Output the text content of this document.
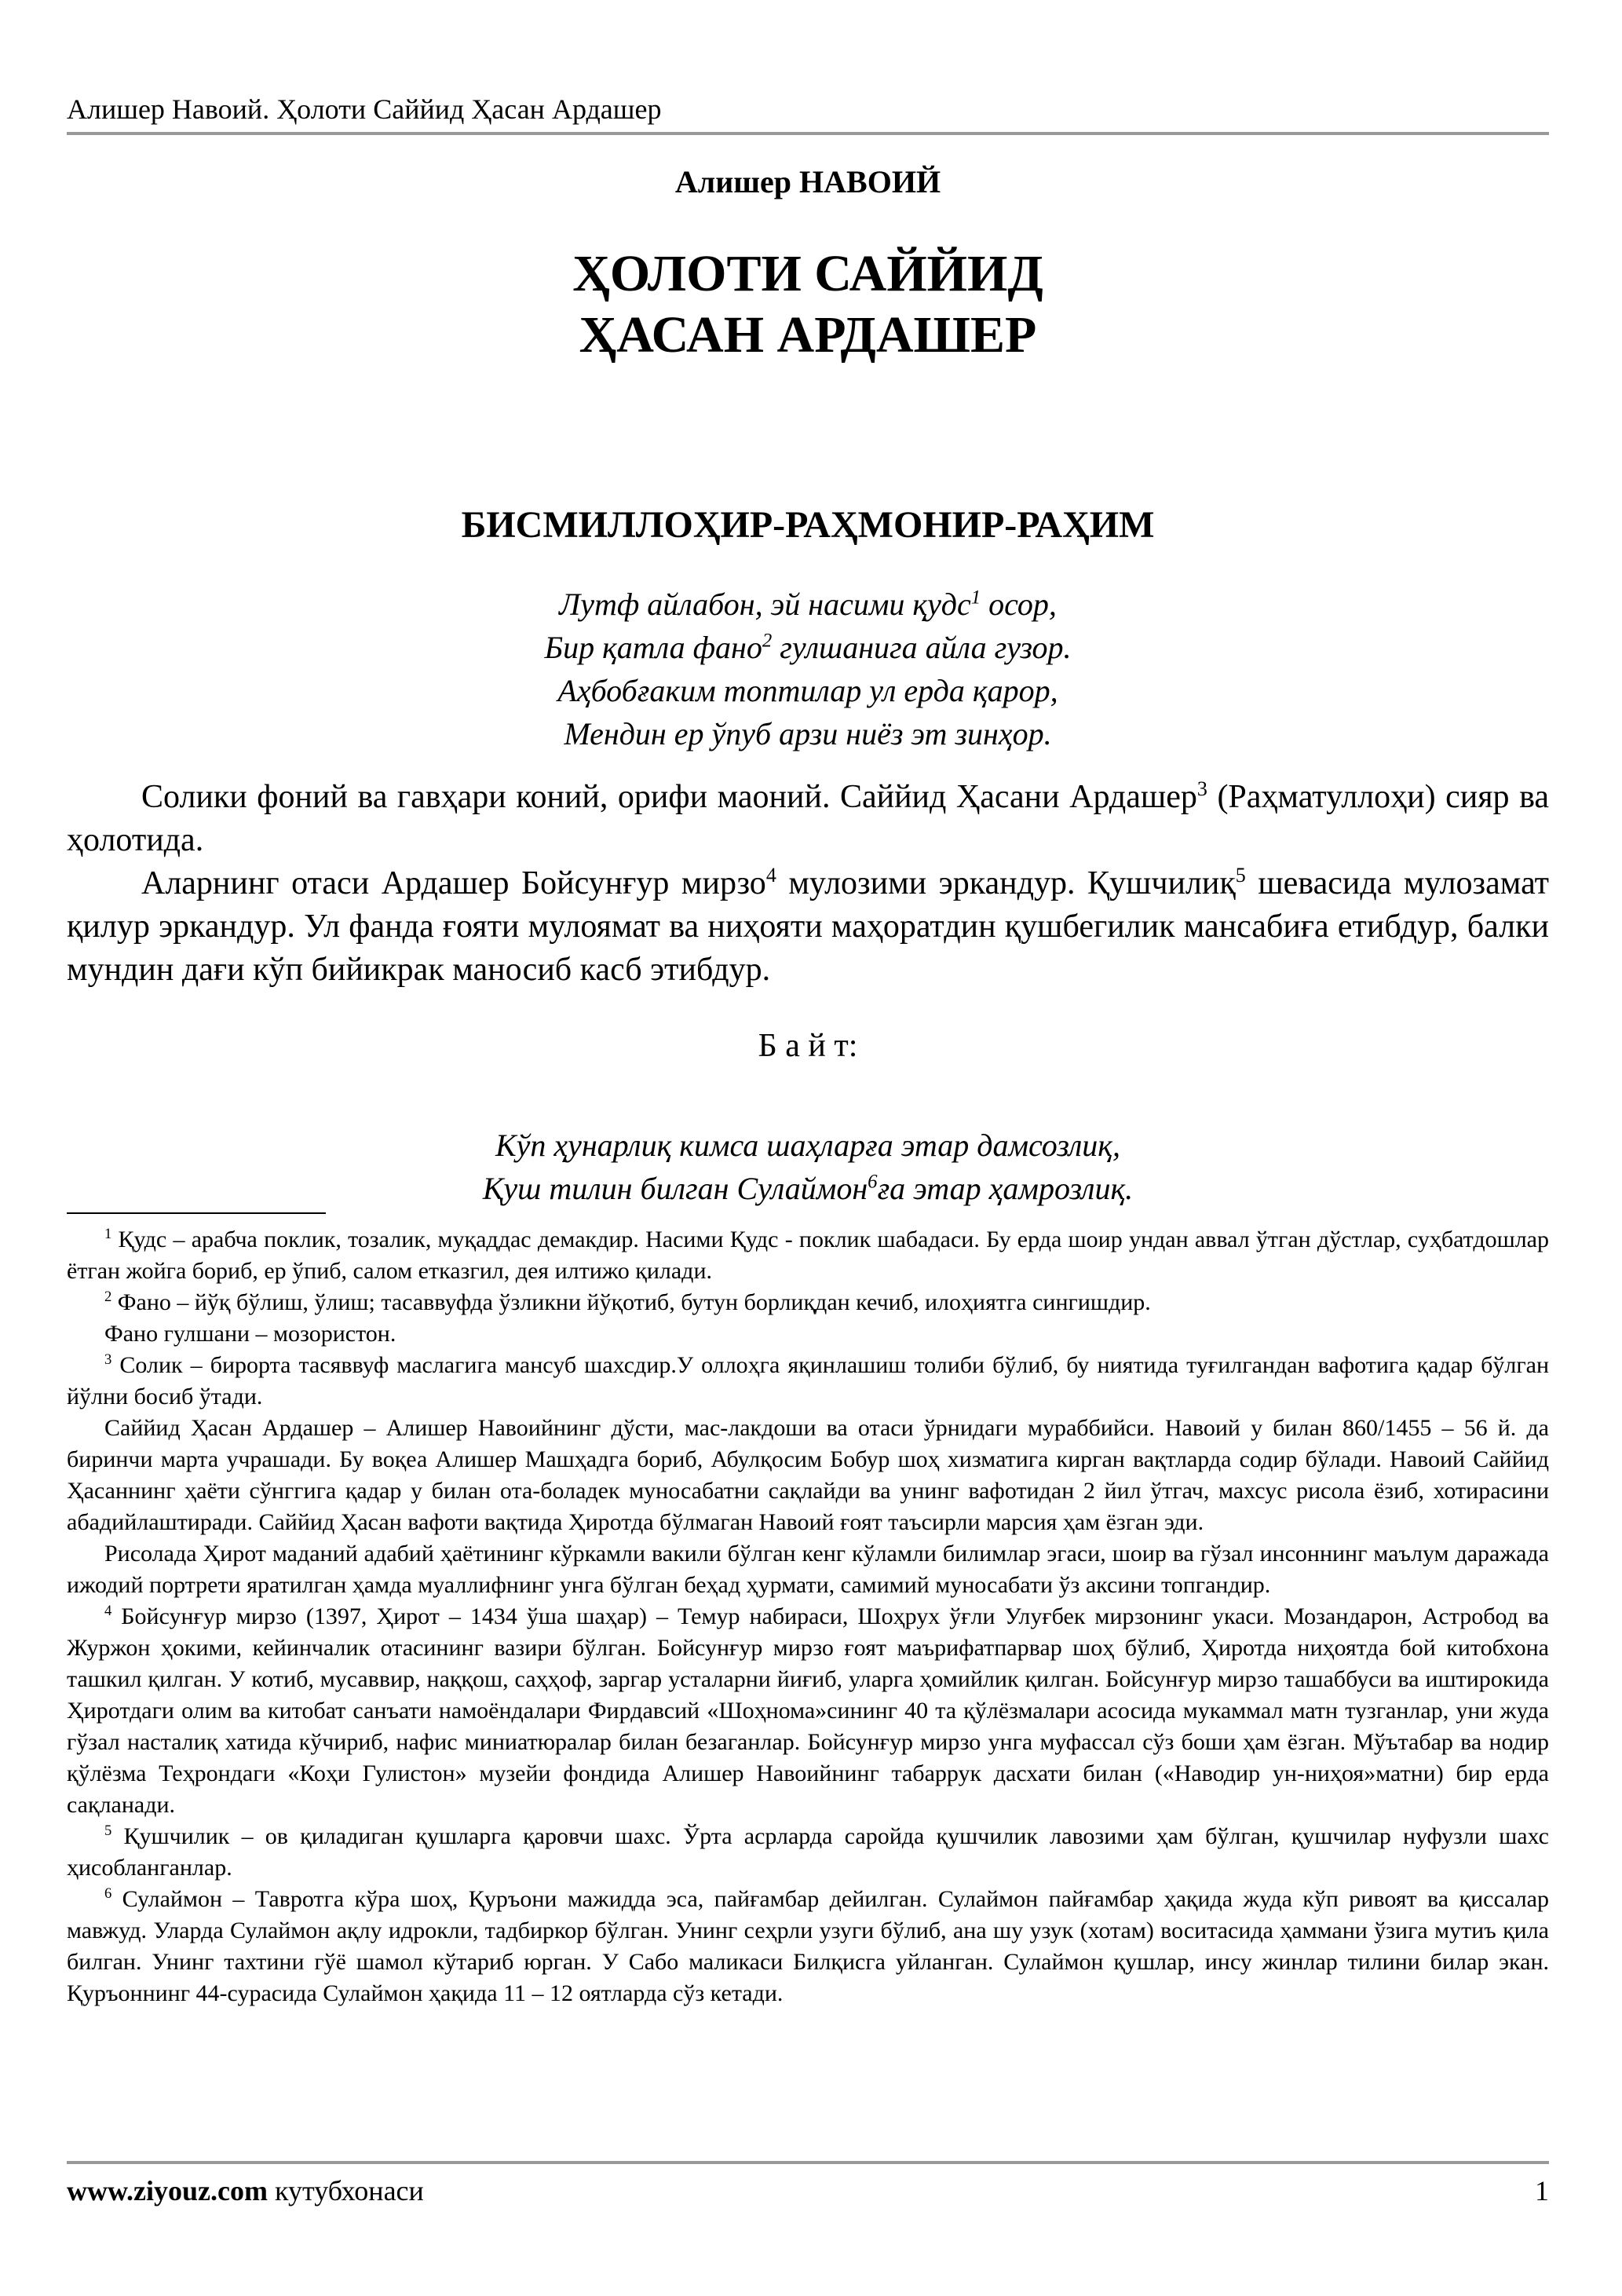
Алишер Навоий. Ҳолоти Саййид Ҳасан Ардашер
Алишер НАВОИЙ
ҲОЛОТИ САЙЙИД
ҲАСАН АРДАШЕР
БИСМИЛЛОҲИР-РАҲМОНИР-РАҲИМ
Лутф айлабон, эй насими қудс$^1$ осор,
Бир қатла фано$^2$ гулшанига айла гузор.
Аҳбобғаким топтилар ул ерда қарор,
Мендин ер ўпуб арзи ниёз эт зинҳор.

Солики фоний ва гавҳари коний, орифи маоний. Саййид Ҳасани Ардашер$^3$ (Раҳматуллоҳи) сияр ва ҳолотида.

Аларнинг отаси Ардашер Бойсунғур мирзо$^4$ мулозими эркандур. Қушчилиқ$^5$ шевасида мулозамат қилур эркандур. Ул фанда ғояти мулоямат ва ниҳояти маҳоратдин қушбегилик мансабиға етибдур, балки мундин дағи кўп бийикрак маносиб касб этибдур.

Б а й т:
Кўп ҳунарлиқ кимса шаҳларға этар дамсозлиқ,
Қуш тилин билган Сулаймон$^6$ға этар ҳамрозлиқ.

$^1$ Қудс – арабча поклик, тозалик, муқаддас демакдир. Насими Қудс - поклик шабадаси. Бу ерда шоир ундан аввал ўтган дўстлар, суҳбатдошлар ётган жойга бориб, ер ўпиб, салом етказгил, дея илтижо қилади.

$^2$ Фано – йўқ бўлиш, ўлиш; тасаввуфда ўзликни йўқотиб, бутун борлиқдан кечиб, илоҳиятга сингишдир.

Фано гулшани – мозористон.

$^3$ Солик – бирорта тасяввуф маслагига мансуб шахсдир.У оллоҳга яқинлашиш толиби бўлиб, бу ниятида туғилгандан вафотига қадар бўлган йўлни босиб ўтади.

Саййид Ҳасан Ардашер – Алишер Навоийнинг дўсти, мас-лакдоши ва отаси ўрнидаги мураббийси. Навоий у билан 860/1455 – 56 й. да биринчи марта учрашади. Бу воқеа Алишер Машҳадга бориб, Абулқосим Бобур шоҳ хизматига кирган вақтларда содир бўлади. Навоий Саййид Ҳасаннинг ҳаёти сўнггига қадар у билан ота-боладек муносабатни сақлайди ва унинг вафотидан 2 йил ўтгач, махсус рисола ёзиб, хотирасини абадийлаштиради. Саййид Ҳасан вафоти вақтида Ҳиротда бўлмаган Навоий ғоят таъсирли марсия ҳам ёзган эди.

Рисолада Ҳирот маданий адабий ҳаётининг кўркамли вакили бўлган кенг кўламли билимлар эгаси, шоир ва гўзал инсоннинг маълум даражада ижодий портрети яратилган ҳамда муаллифнинг унга бўлган беҳад ҳурмати, самимий муносабати ўз аксини топгандир.

$^4$ Бойсунғур мирзо (1397, Ҳирот – 1434 ўша шаҳар) – Темур набираси, Шоҳрух ўғли Улуғбек мирзонинг укаси. Мозандарон, Астробод ва Журжон ҳокими, кейинчалик отасининг вазири бўлган. Бойсунғур мирзо ғоят маърифатпарвар шоҳ бўлиб, Ҳиротда ниҳоятда бой китобхона ташкил қилган. У котиб, мусаввир, наққош, саҳҳоф, заргар усталарни йиғиб, уларга ҳомийлик қилган. Бойсунғур мирзо ташаббуси ва иштирокида Ҳиротдаги олим ва китобат санъати намоёндалари Фирдавсий «Шоҳнома»сининг 40 та қўлёзмалари асосида мукаммал матн тузганлар, уни жуда гўзал насталиқ хатида кўчириб, нафис миниатюралар билан безаганлар. Бойсунғур мирзо унга муфассал сўз боши ҳам ёзган. Мўътабар ва нодир қўлёзма Теҳрондаги «Коҳи Гулистон» музейи фондида Алишер Навоийнинг табаррук дасхати билан («Наводир ун-ниҳоя»матни) бир ерда сақланади.

$^5$ Қушчилик – ов қиладиган қушларга қаровчи шахс. Ўрта асрларда саройда қушчилик лавозими ҳам бўлган, қушчилар нуфузли шахс ҳисобланганлар.

$^6$ Сулаймон – Тавротга кўра шоҳ, Қуръони мажидда эса, пайғамбар дейилган. Сулаймон пайғамбар ҳақида жуда кўп ривоят ва қиссалар мавжуд. Уларда Сулаймон ақлу идрокли, тадбиркор бўлган. Унинг сеҳрли узуги бўлиб, ана шу узук (хотам) воситасида ҳаммани ўзига мутиъ қила билган. Унинг тахтини гўё шамол кўтариб юрган. У Сабо маликаси Билқисга уйланган. Сулаймон қушлар, инсу жинлар тилини билар экан. Қуръоннинг 44-сурасида Сулаймон ҳақида 11 – 12 оятларда сўз кетади.

www.ziyouz.com кутубхонаси	1
